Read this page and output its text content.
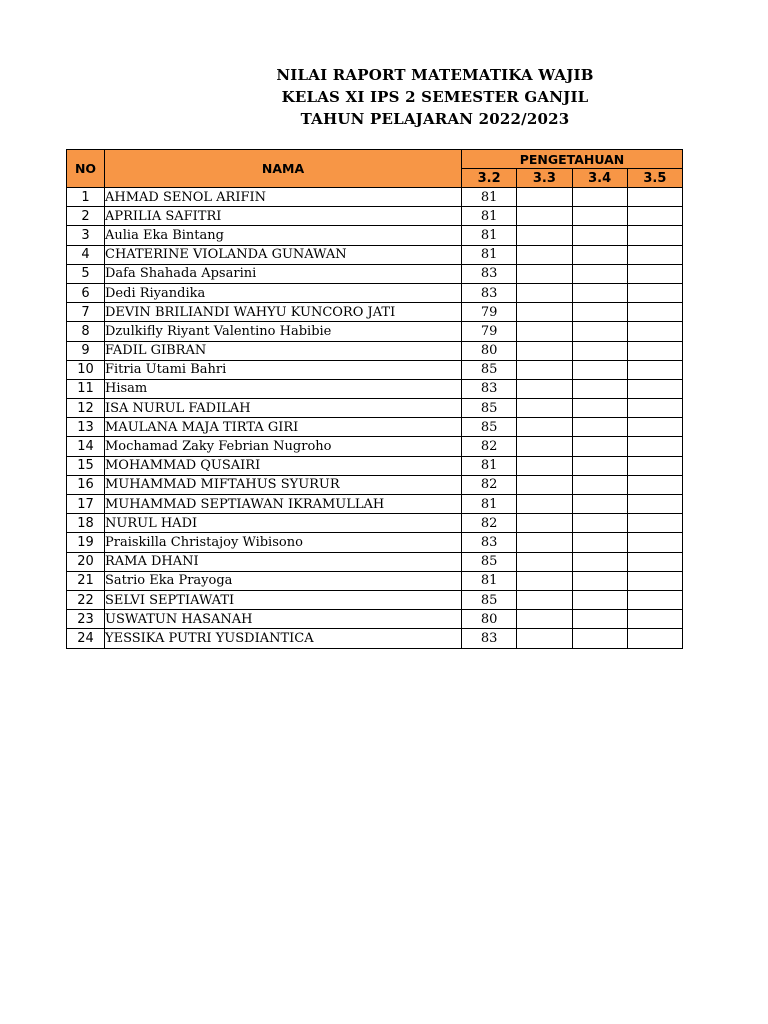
NILAI RAPORT MATEMATIKA WAJIB
KELAS XI IPS 2 SEMESTER GANJIL
TAHUN PELAJARAN 2022/2023
NO	NAMA	PENGETAHUAN			
		3.2	3.3	3.4	3.5
1	AHMAD SENOL ARIFIN	81			
2	APRILIA SAFITRI	81			
3	Aulia Eka Bintang	81			
4	CHATERINE VIOLANDA GUNAWAN	81			
5	Dafa Shahada Apsarini	83			
6	Dedi Riyandika	83			
7	DEVIN BRILIANDI WAHYU KUNCORO JATI	79			
8	Dzulkifly Riyant Valentino Habibie	79			
9	FADIL GIBRAN	80			
10	Fitria Utami Bahri	85			
11	Hisam	83			
12	ISA NURUL FADILAH	85			
13	MAULANA MAJA TIRTA GIRI	85			
14	Mochamad Zaky Febrian Nugroho	82			
15	MOHAMMAD QUSAIRI	81			
16	MUHAMMAD MIFTAHUS SYURUR	82			
17	MUHAMMAD SEPTIAWAN IKRAMULLAH	81			
18	NURUL HADI	82			
19	Praiskilla Christajoy Wibisono	83			
20	RAMA DHANI	85			
21	Satrio Eka Prayoga	81			
22	SELVI SEPTIAWATI	85			
23	USWATUN HASANAH	80			
24	YESSIKA PUTRI YUSDIANTICA	83			
